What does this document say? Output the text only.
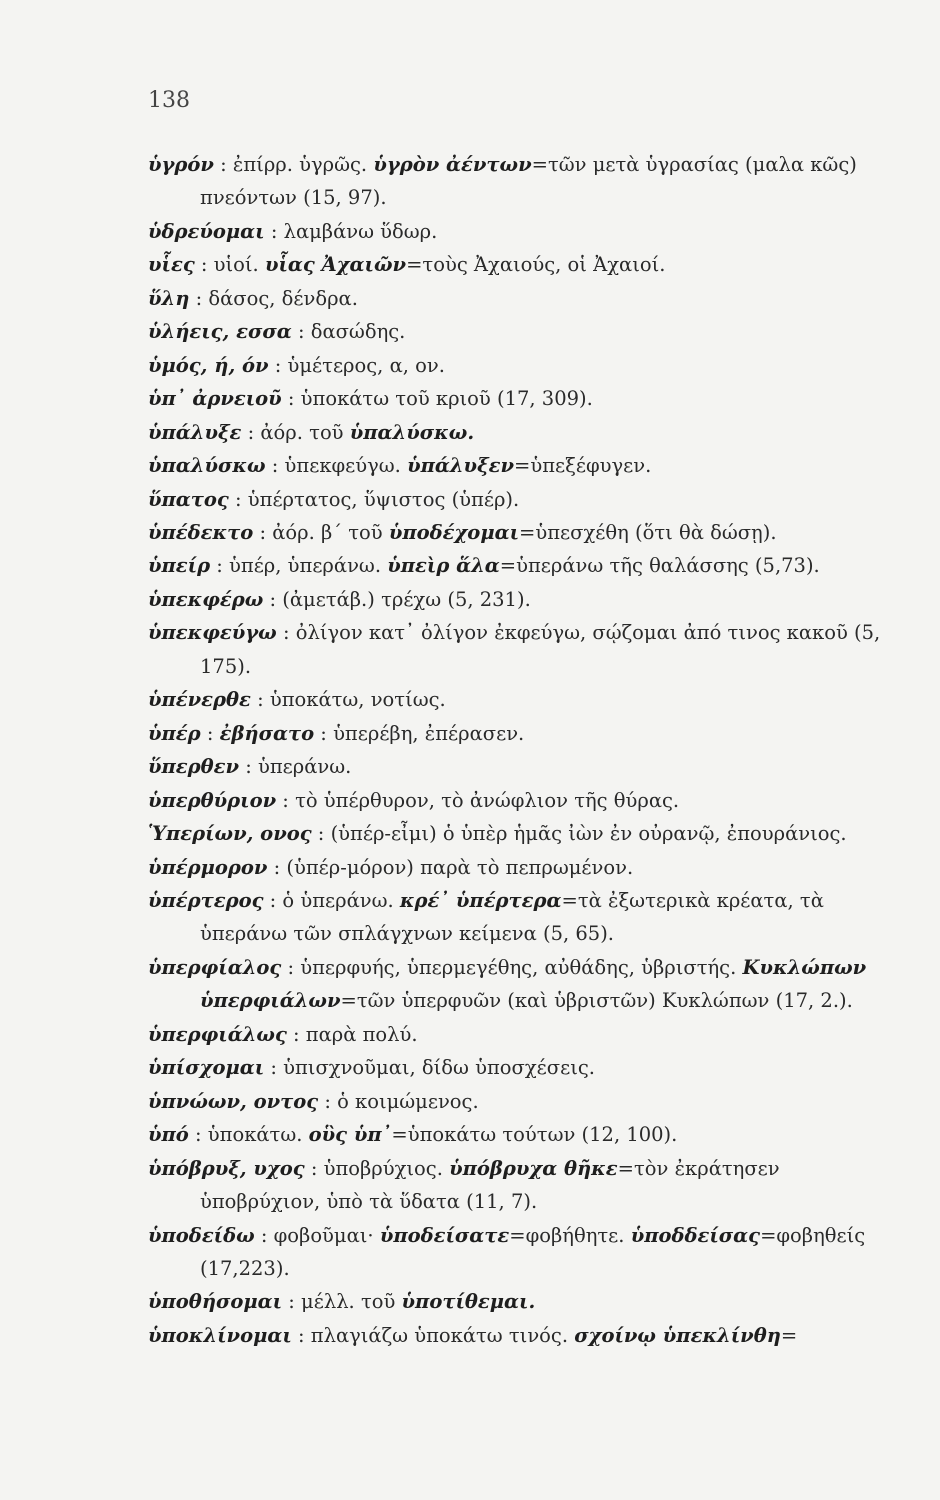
138

ὑγρόν : ἐπίρρ. ὑγρῶς. ὑγρὸν ἀέντων=τῶν μετὰ ὑγρασίας (μαλα κῶς) πνεόντων (15, 97).

ὑδρεύομαι : λαμβάνω ὕδωρ.

υἷες : υἱοί. υἷας Ἀχαιῶν=τοὺς Ἀχαιούς, οἱ Ἀχαιοί.

ὕλη : δάσος, δένδρα.

ὑλήεις, εσσα : δασώδης.

ὑμός, ή, όν : ὑμέτερος, α, ον.

ὑπ᾽ ἀρνειοῦ : ὑποκάτω τοῦ κριοῦ (17, 309).

ὑπάλυξε : ἀόρ. τοῦ ὑπαλύσκω.

ὑπαλύσκω : ὑπεκφεύγω. ὑπάλυξεν=ὑπεξέφυγεν.

ὕπατος : ὑπέρτατος, ὕψιστος (ὑπέρ).

ὑπέδεκτο : ἀόρ. β΄ τοῦ ὑποδέχομαι=ὑπεσχέθη (ὅτι θὰ δώσῃ).

ὑπείρ : ὑπέρ, ὑπεράνω. ὑπεὶρ ἅλα=ὑπεράνω τῆς θαλάσσης (5,73).

ὑπεκφέρω : (ἀμετάβ.) τρέχω (5, 231).

ὑπεκφεύγω : ὀλίγον κατ᾽ ὀλίγον ἐκφεύγω, σῴζομαι ἀπό τινος κακοῦ (5, 175).

ὑπένερθε : ὑποκάτω, νοτίως.

ὑπέρ : ἐβήσατο : ὑπερέβη, ἐπέρασεν.

ὕπερθεν : ὑπεράνω.

ὑπερθύριον : τὸ ὑπέρθυρον, τὸ ἀνώφλιον τῆς θύρας.

Ὑπερίων, ονος : (ὑπέρ-εἶμι) ὁ ὑπὲρ ἡμᾶς ἰὼν ἐν οὐρανῷ, ἐπουράνιος.

ὑπέρμορον : (ὑπέρ-μόρον) παρὰ τὸ πεπρωμένον.

ὑπέρτερος : ὁ ὑπεράνω. κρέ᾽ ὑπέρτερα=τὰ ἐξωτερικὰ κρέατα, τὰ ὑπεράνω τῶν σπλάγχνων κείμενα (5, 65).

ὑπερφίαλος : ὑπερφυής, ὑπερμεγέθης, αὐθάδης, ὑβριστής. Κυκλώπων ὑπερφιάλων=τῶν ὑπερφυῶν (καὶ ὑβριστῶν) Κυκλώπων (17, 2.).

ὑπερφιάλως : παρὰ πολύ.

ὑπίσχομαι : ὑπισχνοῦμαι, δίδω ὑποσχέσεις.

ὑπνώων, οντος : ὁ κοιμώμενος.

ὑπό : ὑποκάτω. οὓς ὑπ᾽=ὑποκάτω τούτων (12, 100).

ὑπόβρυξ, υχος : ὑποβρύχιος. ὑπόβρυχα θῆκε=τὸν ἐκράτησεν ὑποβρύχιον, ὑπὸ τὰ ὕδατα (11, 7).

ὑποδείδω : φοβοῦμαι· ὑποδείσατε=φοβήθητε. ὑποδδείσας=φοβηθείς (17,223).

ὑποθήσομαι : μέλλ. τοῦ ὑποτίθεμαι.

ὑποκλίνομαι : πλαγιάζω ὑποκάτω τινός. σχοίνῳ ὑπεκλίνθη=
